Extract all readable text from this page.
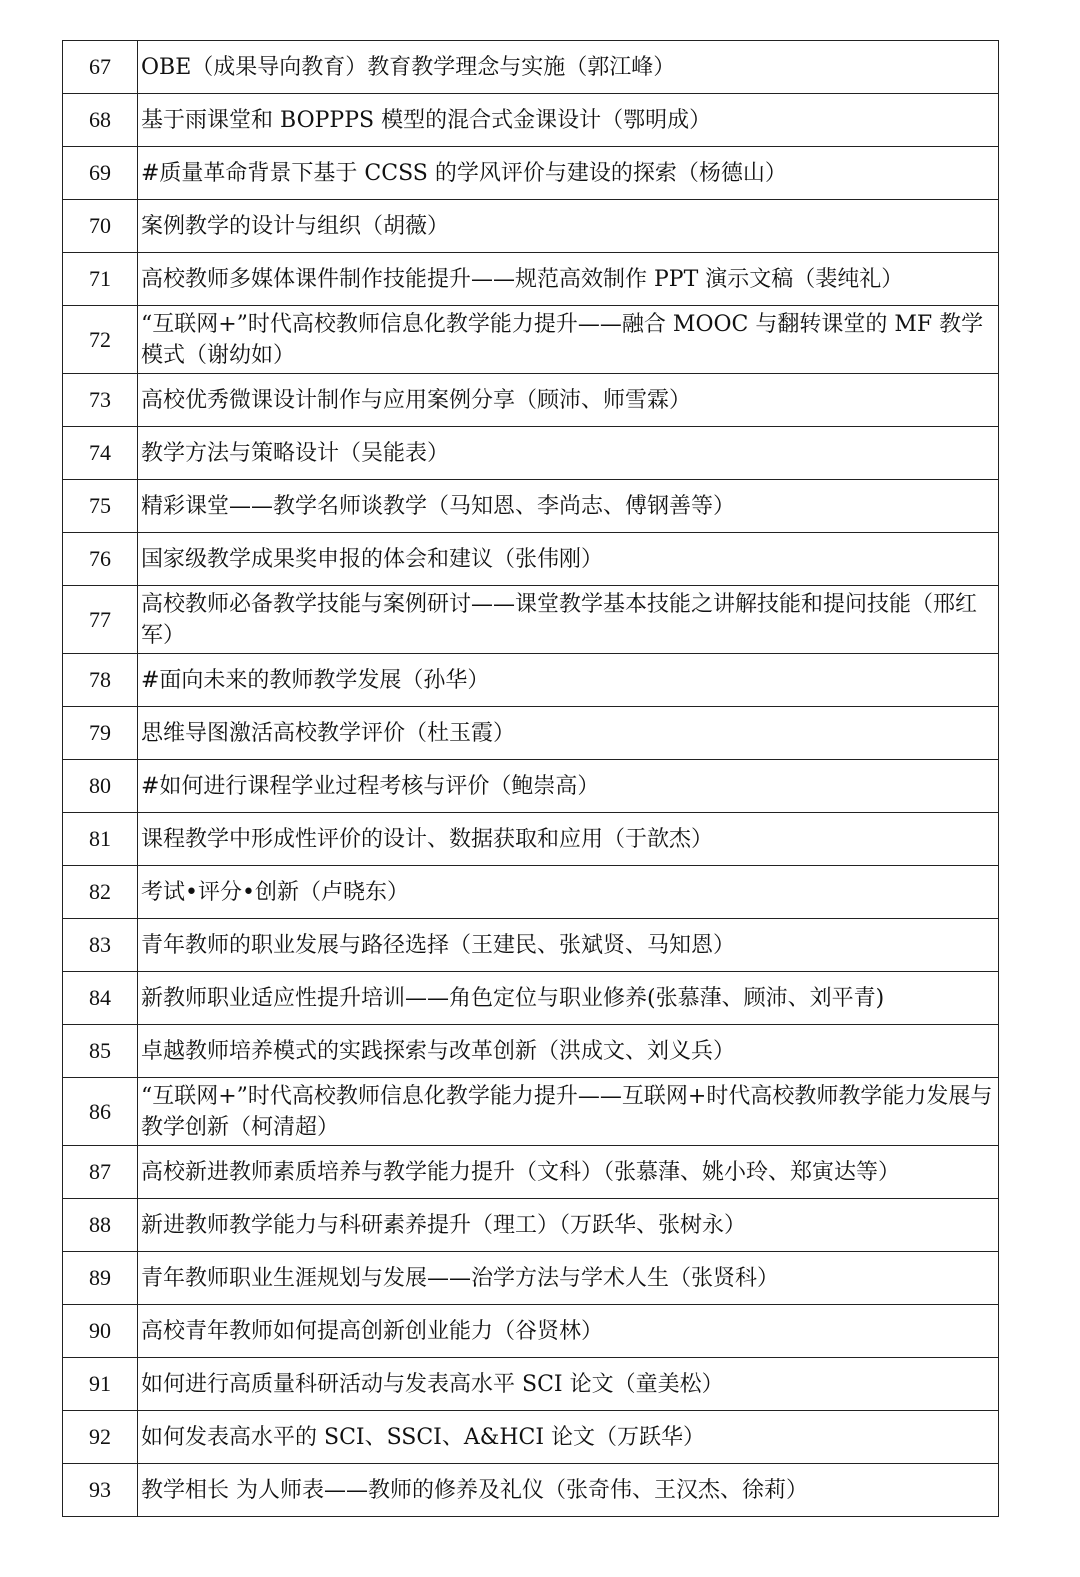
67	OBE（成果导向教育）教育教学理念与实施（郭江峰）
68	基于雨课堂和 BOPPPS 模型的混合式金课设计（鄂明成）
69	#质量革命背景下基于 CCSS 的学风评价与建设的探索（杨德山）
70	案例教学的设计与组织（胡薇）
71	高校教师多媒体课件制作技能提升——规范高效制作 PPT 演示文稿（裴纯礼）
72	“互联网+”时代高校教师信息化教学能力提升——融合 MOOC 与翻转课堂的 MF 教学模式（谢幼如）
73	高校优秀微课设计制作与应用案例分享（顾沛、师雪霖）
74	教学方法与策略设计（吴能表）
75	精彩课堂——教学名师谈教学（马知恩、李尚志、傅钢善等）
76	国家级教学成果奖申报的体会和建议（张伟刚）
77	高校教师必备教学技能与案例研讨——课堂教学基本技能之讲解技能和提问技能（邢红军）
78	#面向未来的教师教学发展（孙华）
79	思维导图激活高校教学评价（杜玉霞）
80	#如何进行课程学业过程考核与评价（鲍崇高）
81	课程教学中形成性评价的设计、数据获取和应用（于歆杰）
82	考试•评分•创新（卢晓东）
83	青年教师的职业发展与路径选择（王建民、张斌贤、马知恩）
84	新教师职业适应性提升培训——角色定位与职业修养(张慕葏、顾沛、刘平青)
85	卓越教师培养模式的实践探索与改革创新（洪成文、刘义兵）
86	“互联网+”时代高校教师信息化教学能力提升——互联网+时代高校教师教学能力发展与教学创新（柯清超）
87	高校新进教师素质培养与教学能力提升（文科）（张慕葏、姚小玲、郑寅达等）
88	新进教师教学能力与科研素养提升（理工）（万跃华、张树永）
89	青年教师职业生涯规划与发展——治学方法与学术人生（张贤科）
90	高校青年教师如何提高创新创业能力（谷贤林）
91	如何进行高质量科研活动与发表高水平 SCI 论文（童美松）
92	如何发表高水平的 SCI、SSCI、A&HCI 论文（万跃华）
93	教学相长 为人师表——教师的修养及礼仪（张奇伟、王汉杰、徐莉）
